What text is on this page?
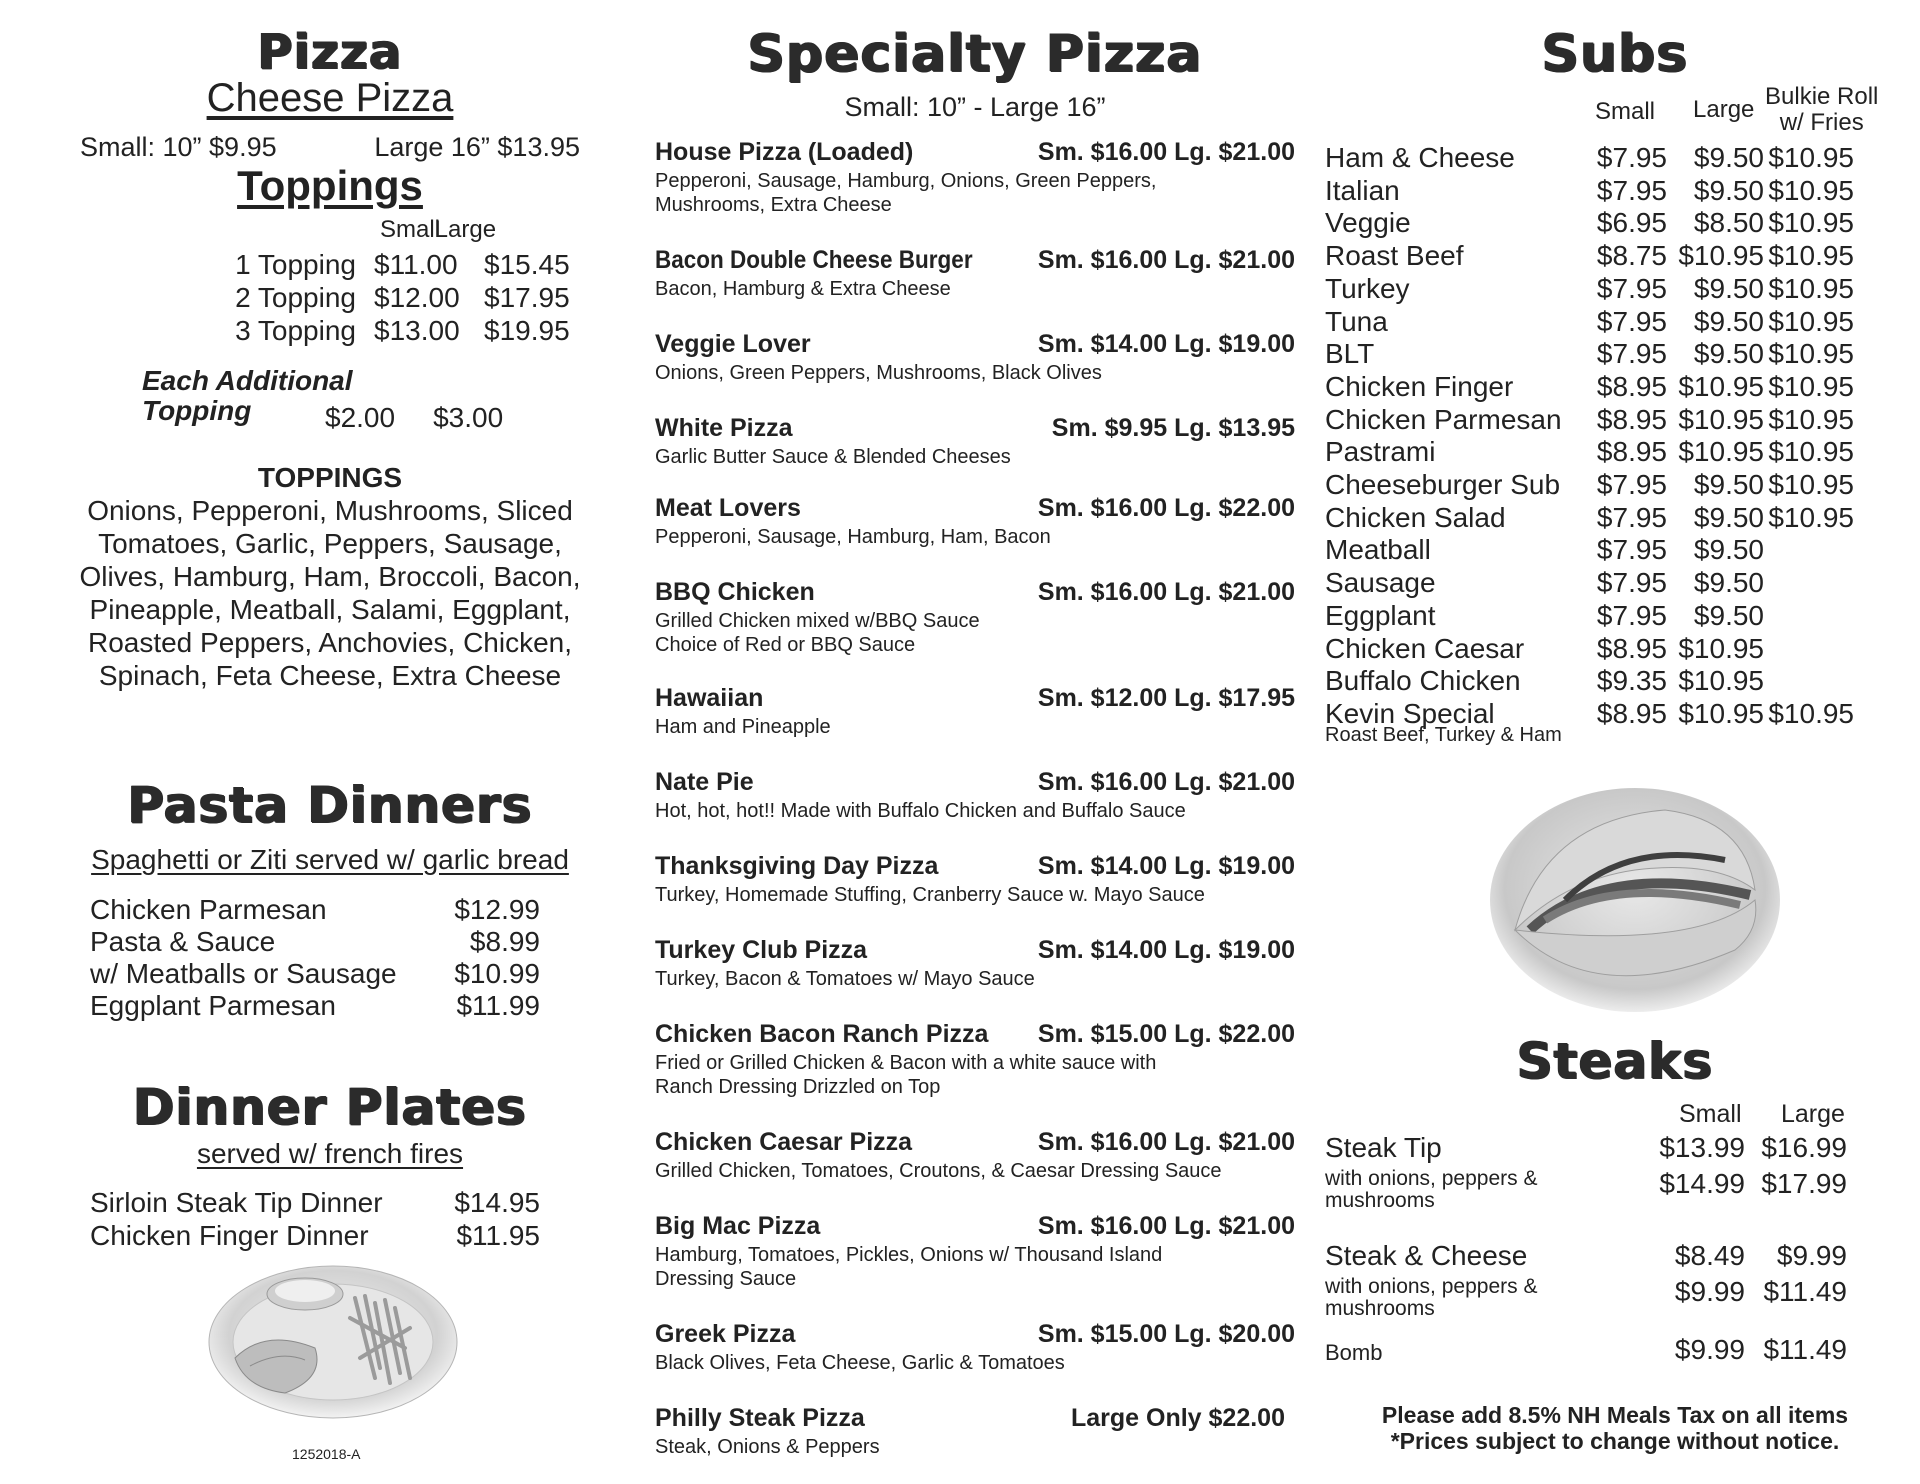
Pizza
Cheese Pizza
Small: 10” $9.95	Large 16” $13.95
Toppings
Small Large
1 Topping $11.00 $15.45
2 Topping $12.00 $17.95
3 Topping $13.00 $19.95
Each Additional
Topping	$2.00 $3.00
TOPPINGS
Onions, Pepperoni, Mushrooms, Sliced
Tomatoes, Garlic, Peppers, Sausage,
Olives, Hamburg, Ham, Broccoli, Bacon,
Pineapple, Meatball, Salami, Eggplant,
Roasted Peppers, Anchovies, Chicken,
Spinach, Feta Cheese, Extra Cheese
Pasta Dinners
Spaghetti or Ziti served w/ garlic bread
Chicken Parmesan	$12.99
Pasta & Sauce	$8.99
w/ Meatballs or Sausage $10.99
Eggplant Parmesan	$11.99
Dinner Plates
served w/ french fires
Sirloin Steak Tip Dinner	$14.95
Chicken Finger Dinner	$11.95
1252018-A
Specialty Pizza
Small: 10” - Large 16”
House Pizza (Loaded)	Sm. $16.00 Lg. $21.00
Pepperoni, Sausage, Hamburg, Onions, Green Peppers,
Mushrooms, Extra Cheese
Bacon Double Cheese Burger	Sm. $16.00 Lg. $21.00
Bacon, Hamburg & Extra Cheese
Veggie Lover	Sm. $14.00 Lg. $19.00
Onions, Green Peppers, Mushrooms, Black Olives
White Pizza	Sm. $9.95 Lg. $13.95
Garlic Butter Sauce & Blended Cheeses
Meat Lovers	Sm. $16.00 Lg. $22.00
Pepperoni, Sausage, Hamburg, Ham, Bacon
BBQ Chicken	Sm. $16.00 Lg. $21.00
Grilled Chicken mixed w/BBQ Sauce
Choice of Red or BBQ Sauce
Hawaiian	Sm. $12.00 Lg. $17.95
Ham and Pineapple
Nate Pie	Sm. $16.00 Lg. $21.00
Hot, hot, hot!! Made with Buffalo Chicken and Buffalo Sauce
Thanksgiving Day Pizza	Sm. $14.00 Lg. $19.00
Turkey, Homemade Stuffing, Cranberry Sauce w. Mayo Sauce
Turkey Club Pizza	Sm. $14.00 Lg. $19.00
Turkey, Bacon & Tomatoes w/ Mayo Sauce
Chicken Bacon Ranch Pizza Sm. $15.00 Lg. $22.00
Fried or Grilled Chicken & Bacon with a white sauce with
Ranch Dressing Drizzled on Top
Chicken Caesar Pizza	Sm. $16.00 Lg. $21.00
Grilled Chicken, Tomatoes, Croutons, & Caesar Dressing Sauce
Big Mac Pizza	Sm. $16.00 Lg. $21.00
Hamburg, Tomatoes, Pickles, Onions w/ Thousand Island
Dressing Sauce
Greek Pizza	Sm. $15.00 Lg. $20.00
Black Olives, Feta Cheese, Garlic & Tomatoes
Philly Steak Pizza	Large Only $22.00
Steak, Onions & Peppers
Subs
Small Large Bulkie Roll
w/ Fries
Ham & Cheese	$7.95 $9.50 $10.95
Italian	$7.95 $9.50 $10.95
Veggie	$6.95 $8.50 $10.95
Roast Beef	$8.75 $10.95 $10.95
Turkey	$7.95 $9.50 $10.95
Tuna	$7.95 $9.50 $10.95
BLT	$7.95 $9.50 $10.95
Chicken Finger	$8.95 $10.95 $10.95
Chicken Parmesan	$8.95 $10.95 $10.95
Pastrami	$8.95 $10.95 $10.95
Cheeseburger Sub	$7.95 $9.50 $10.95
Chicken Salad	$7.95 $9.50 $10.95
Meatball	$7.95 $9.50
Sausage	$7.95 $9.50
Eggplant	$7.95 $9.50
Chicken Caesar	$8.95 $10.95
Buffalo Chicken	$9.35 $10.95
Kevin Special	$8.95 $10.95 $10.95
Roast Beef, Turkey & Ham
Steaks
Small Large
Steak Tip	$13.99 $16.99
with onions, peppers & mushrooms
$14.99 $17.99
Steak & Cheese	$8.49	$9.99
with onions, peppers & mushrooms
$9.99 $11.49
Bomb	$9.99 $11.49
Please add 8.5% NH Meals Tax on all items
*Prices subject to change without notice.
